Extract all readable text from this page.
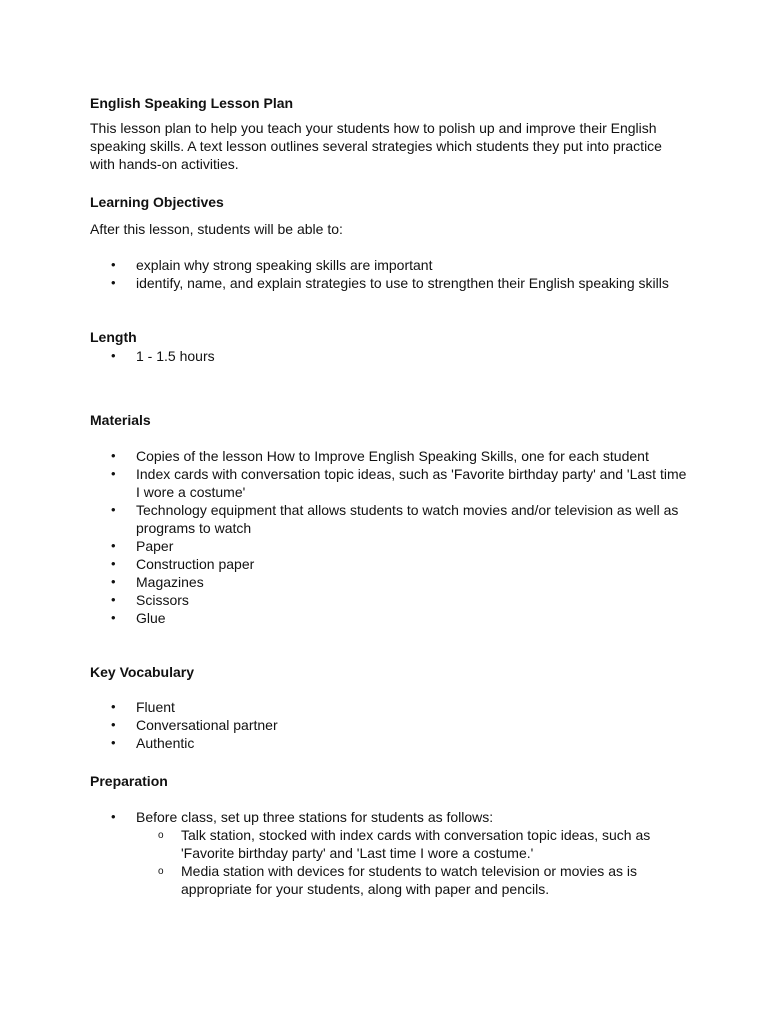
English Speaking Lesson Plan

This lesson plan to help you teach your students how to polish up and improve their English speaking skills. A text lesson outlines several strategies which students they put into practice with hands-on activities.

Learning Objectives

After this lesson, students will be able to:

• explain why strong speaking skills are important
• identify, name, and explain strategies to use to strengthen their English speaking skills
Length
• 1 - 1.5 hours
Materials
• Copies of the lesson How to Improve English Speaking Skills, one for each student
• Index cards with conversation topic ideas, such as 'Favorite birthday party' and 'Last time I wore a costume'
• Technology equipment that allows students to watch movies and/or television as well as programs to watch
• Paper
• Construction paper
• Magazines
• Scissors
• Glue
Key Vocabulary
• Fluent
• Conversational partner
• Authentic
Preparation
• Before class, set up three stations for students as follows:
o Talk station, stocked with index cards with conversation topic ideas, such as 'Favorite birthday party' and 'Last time I wore a costume.'
o Media station with devices for students to watch television or movies as is appropriate for your students, along with paper and pencils.
